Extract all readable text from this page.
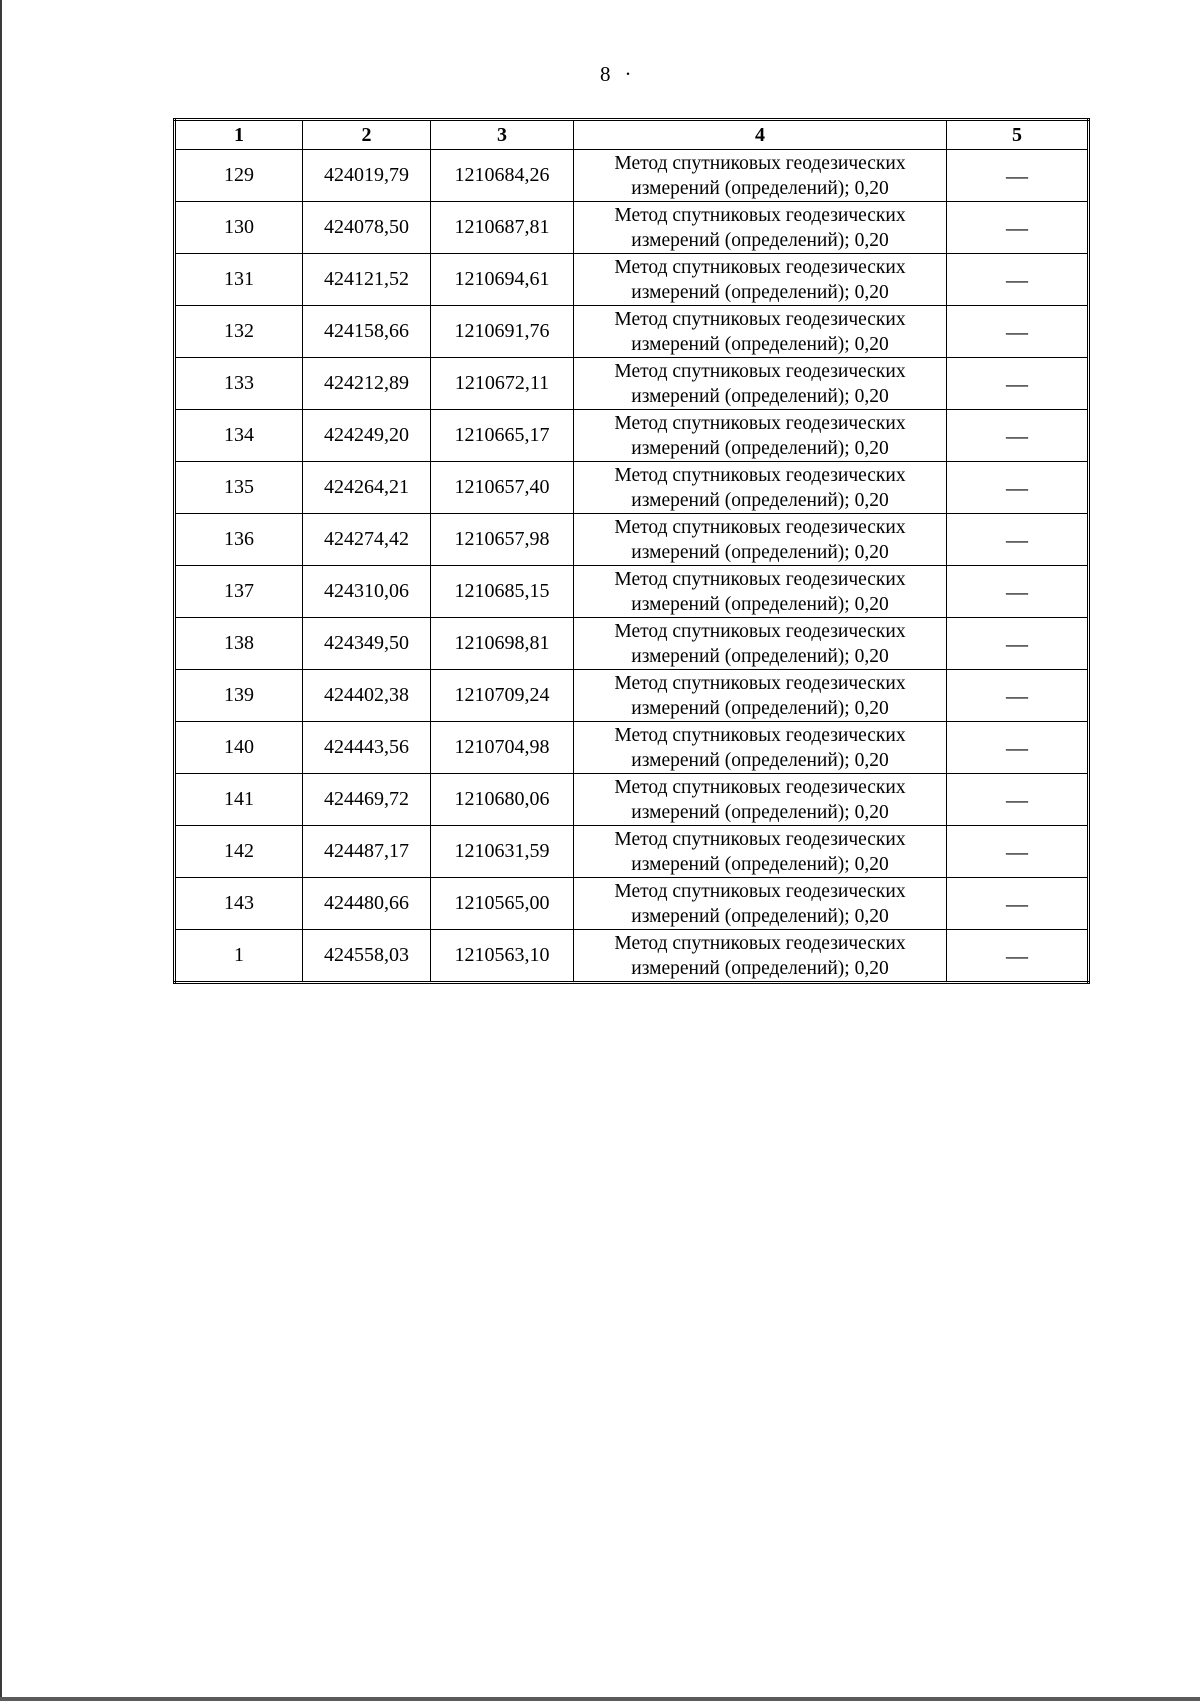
8 ·
1	2	3	4	5
129	424019,79	1210684,26	Метод спутниковых геодезических
измерений (определений); 0,20	—
130	424078,50	1210687,81	Метод спутниковых геодезических
измерений (определений); 0,20	—
131	424121,52	1210694,61	Метод спутниковых геодезических
измерений (определений); 0,20	—
132	424158,66	1210691,76	Метод спутниковых геодезических
измерений (определений); 0,20	—
133	424212,89	1210672,11	Метод спутниковых геодезических
измерений (определений); 0,20	—
134	424249,20	1210665,17	Метод спутниковых геодезических
измерений (определений); 0,20	—
135	424264,21	1210657,40	Метод спутниковых геодезических
измерений (определений); 0,20	—
136	424274,42	1210657,98	Метод спутниковых геодезических
измерений (определений); 0,20	—
137	424310,06	1210685,15	Метод спутниковых геодезических
измерений (определений); 0,20	—
138	424349,50	1210698,81	Метод спутниковых геодезических
измерений (определений); 0,20	—
139	424402,38	1210709,24	Метод спутниковых геодезических
измерений (определений); 0,20	—
140	424443,56	1210704,98	Метод спутниковых геодезических
измерений (определений); 0,20	—
141	424469,72	1210680,06	Метод спутниковых геодезических
измерений (определений); 0,20	—
142	424487,17	1210631,59	Метод спутниковых геодезических
измерений (определений); 0,20	—
143	424480,66	1210565,00	Метод спутниковых геодезических
измерений (определений); 0,20	—
1	424558,03	1210563,10	Метод спутниковых геодезических
измерений (определений); 0,20	—
